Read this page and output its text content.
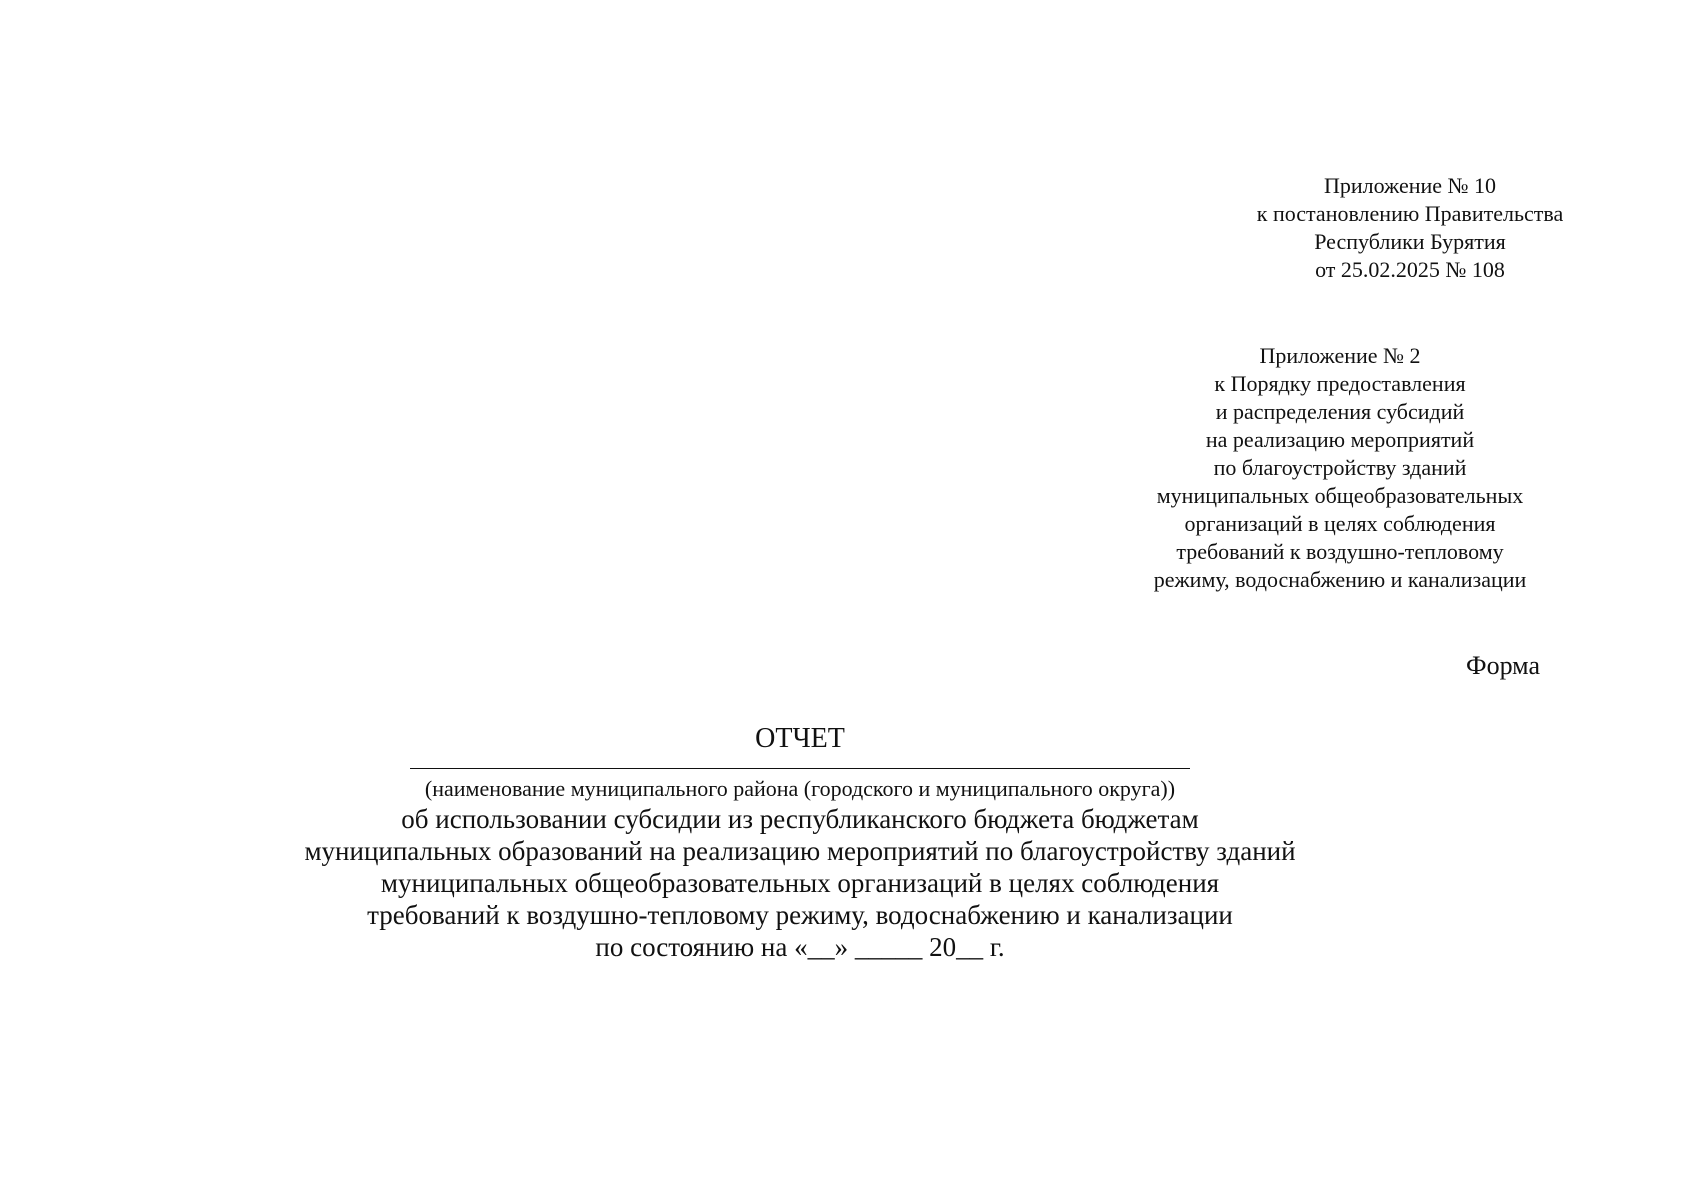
Приложение № 10
к постановлению Правительства
Республики Бурятия
от 25.02.2025 № 108
Приложение № 2
к Порядку предоставления
и распределения субсидий
на реализацию мероприятий
по благоустройству зданий
муниципальных общеобразовательных
организаций в целях соблюдения
требований к воздушно-тепловому
режиму, водоснабжению и канализации
Форма
ОТЧЕТ
(наименование муниципального района (городского и муниципального округа))
об использовании субсидии из республиканского бюджета бюджетам
муниципальных образований на реализацию мероприятий по благоустройству зданий
муниципальных общеобразовательных организаций в целях соблюдения
требований к воздушно-тепловому режиму, водоснабжению и канализации
по состоянию на «__» _____ 20__ г.
